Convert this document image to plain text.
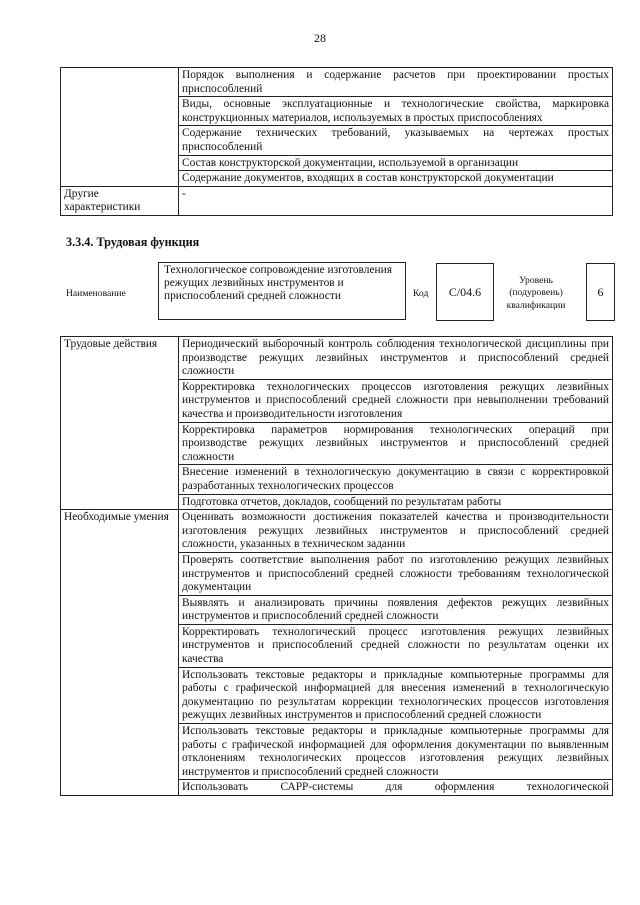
28
	Порядок выполнения и содержание расчетов при проектировании простых приспособлений
	Виды, основные эксплуатационные и технологические свойства, маркировка конструкционных материалов, используемых в простых приспособлениях
	Содержание технических требований, указываемых на чертежах простых приспособлений
	Состав конструкторской документации, используемой в организации
	Содержание документов, входящих в состав конструкторской документации
Другие характеристики	-
3.3.4. Трудовая функция
Наименование
Технологическое сопровождение изготовления режущих лезвийных инструментов и приспособлений средней сложности	Код С/04.6
Уровень (подуровень) квалификации
6
Трудовые действия	Периодический выборочный контроль соблюдения технологической дисциплины при производстве режущих лезвийных инструментов и приспособлений средней сложности
	Корректировка технологических процессов изготовления режущих лезвийных инструментов и приспособлений средней сложности при невыполнении требований качества и производительности изготовления
	Корректировка параметров нормирования технологических операций при производстве режущих лезвийных инструментов и приспособлений средней сложности
	Внесение изменений в технологическую документацию в связи с корректировкой разработанных технологических процессов
	Подготовка отчетов, докладов, сообщений по результатам работы
Необходимые умения	Оценивать возможности достижения показателей качества и производительности изготовления режущих лезвийных инструментов и приспособлений средней сложности, указанных в техническом задании
	Проверять соответствие выполнения работ по изготовлению режущих лезвийных инструментов и приспособлений средней сложности требованиям технологической документации
	Выявлять и анализировать причины появления дефектов режущих лезвийных инструментов и приспособлений средней сложности
	Корректировать технологический процесс изготовления режущих лезвийных инструментов и приспособлений средней сложности по результатам оценки их качества
	Использовать текстовые редакторы и прикладные компьютерные программы для работы с графической информацией для внесения изменений в технологическую документацию по результатам коррекции технологических процессов изготовления режущих лезвийных инструментов и приспособлений средней сложности
	Использовать текстовые редакторы и прикладные компьютерные программы для работы с графической информацией для оформления документации по выявленным отклонениям технологических процессов изготовления режущих лезвийных инструментов и приспособлений средней сложности
	Использовать САРР-системы для оформления технологической
